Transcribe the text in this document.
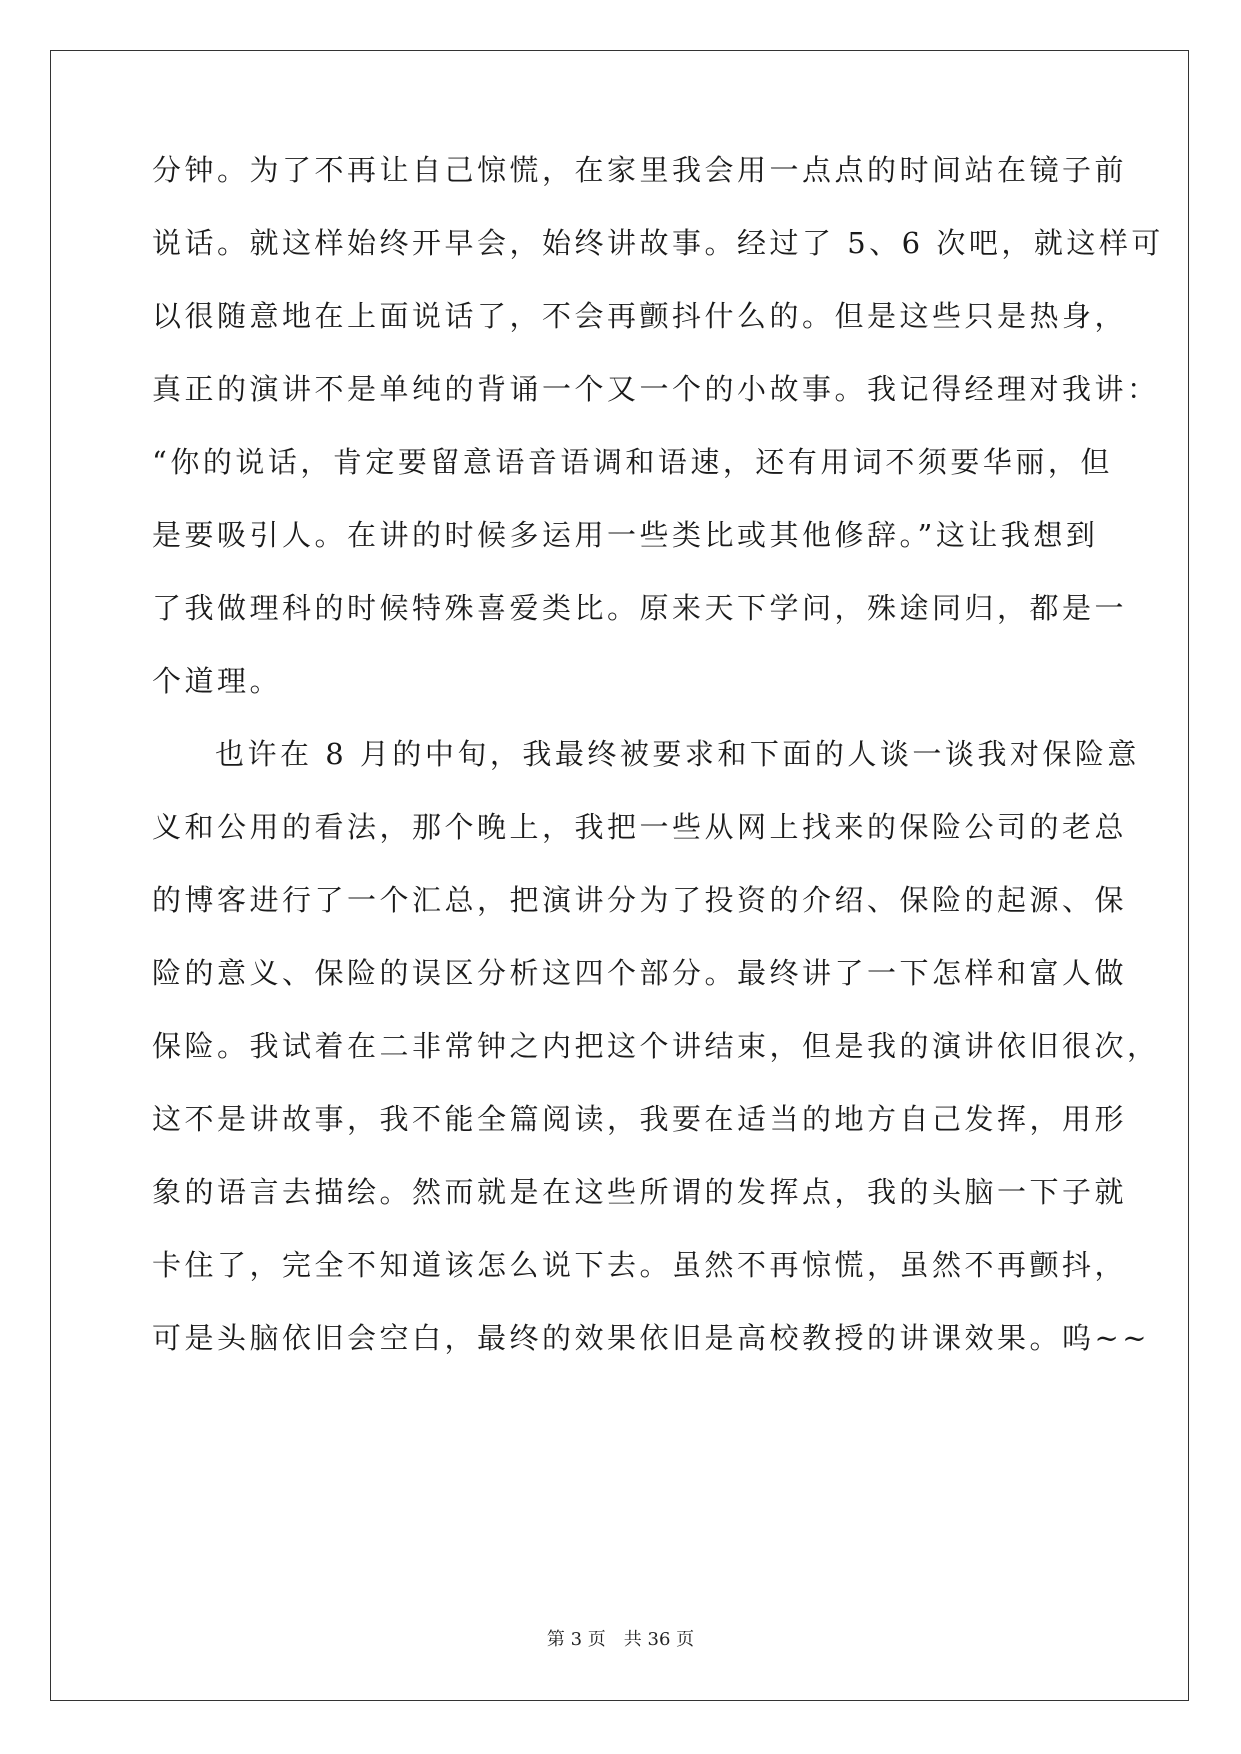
分钟。为了不再让自己惊慌，在家里我会用一点点的时间站在镜子前
说话。就这样始终开早会，始终讲故事。经过了 5、6 次吧，就这样可
以很随意地在上面说话了，不会再颤抖什么的。但是这些只是热身，
真正的演讲不是单纯的背诵一个又一个的小故事。我记得经理对我讲：
“你的说话，肯定要留意语音语调和语速，还有用词不须要华丽，但
是要吸引人。在讲的时候多运用一些类比或其他修辞。”这让我想到
了我做理科的时候特殊喜爱类比。原来天下学问，殊途同归，都是一
个道理。
也许在 8 月的中旬，我最终被要求和下面的人谈一谈我对保险意
义和公用的看法，那个晚上，我把一些从网上找来的保险公司的老总
的博客进行了一个汇总，把演讲分为了投资的介绍、保险的起源、保
险的意义、保险的误区分析这四个部分。最终讲了一下怎样和富人做
保险。我试着在二非常钟之内把这个讲结束，但是我的演讲依旧很次，
这不是讲故事，我不能全篇阅读，我要在适当的地方自己发挥，用形
象的语言去描绘。然而就是在这些所谓的发挥点，我的头脑一下子就
卡住了，完全不知道该怎么说下去。虽然不再惊慌，虽然不再颤抖，
可是头脑依旧会空白，最终的效果依旧是高校教授的讲课效果。呜~~
第 3 页 共 36 页
